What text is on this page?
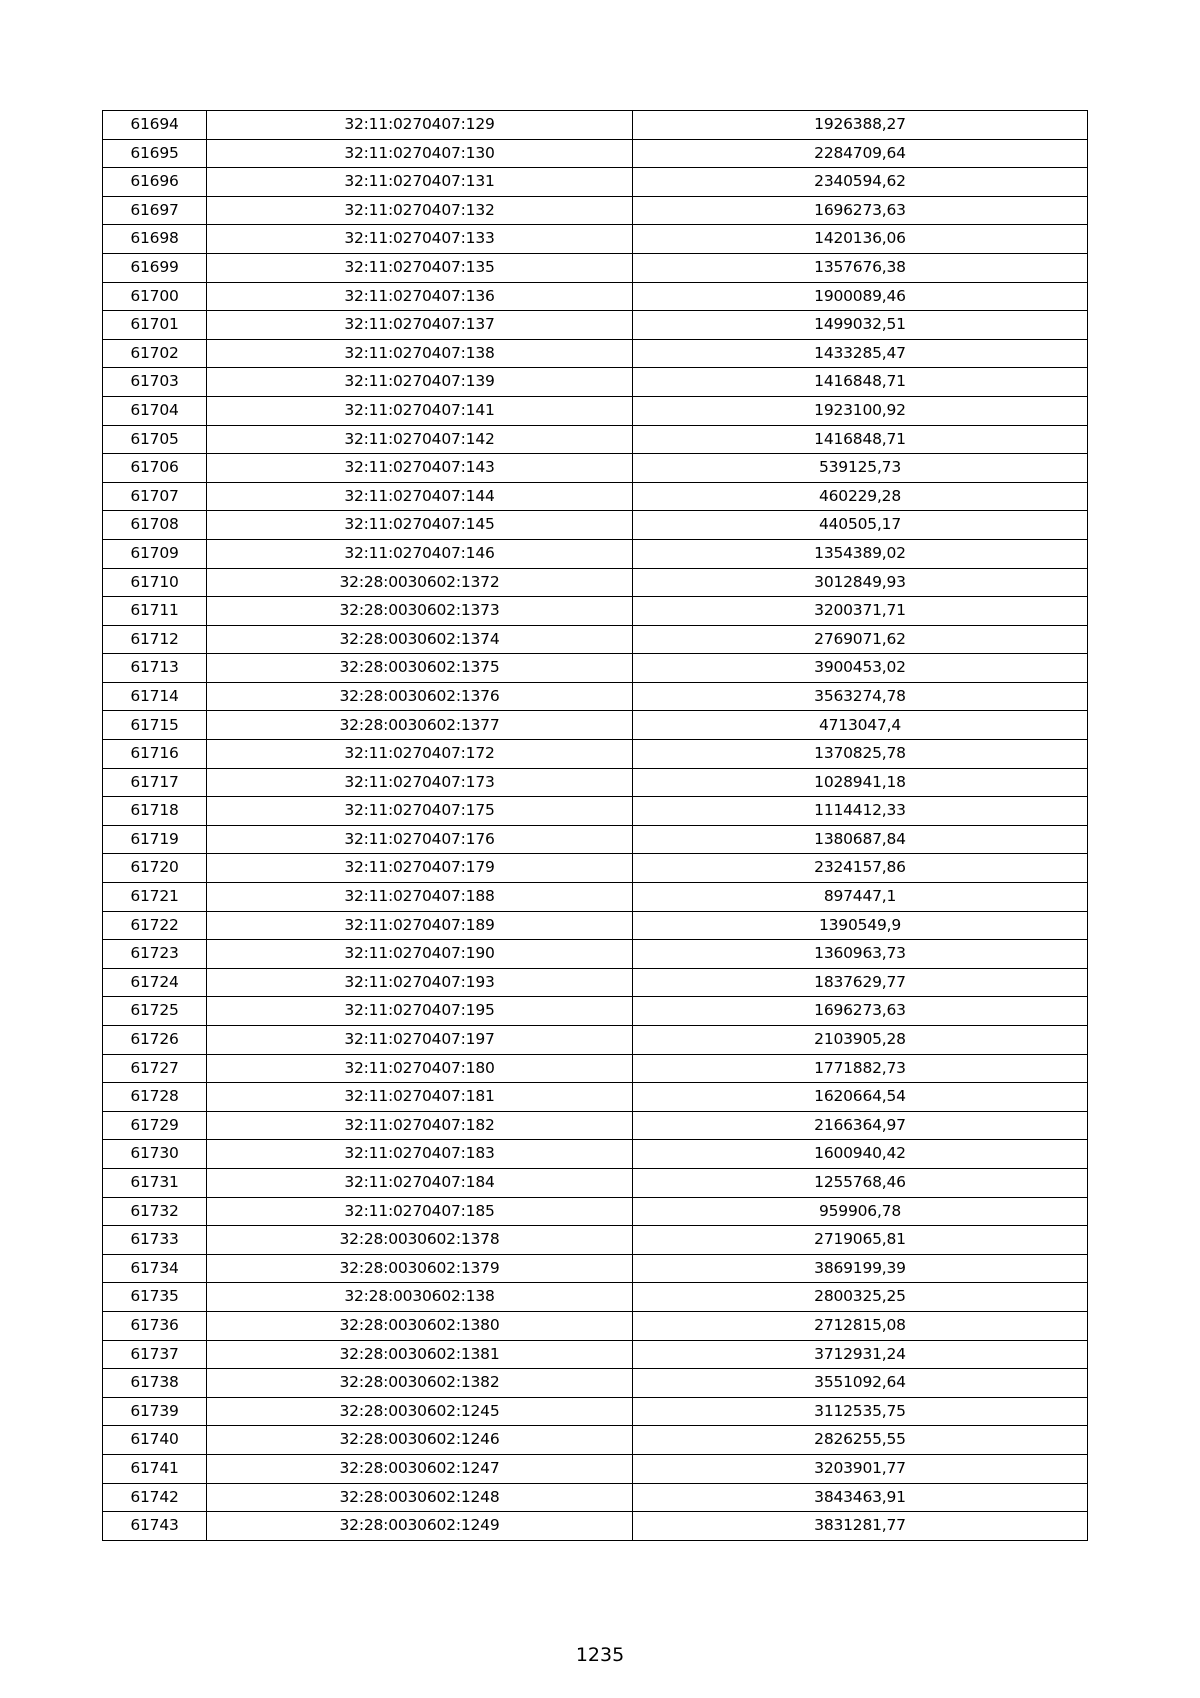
61694	32:11:0270407:129	1926388,27
61695	32:11:0270407:130	2284709,64
61696	32:11:0270407:131	2340594,62
61697	32:11:0270407:132	1696273,63
61698	32:11:0270407:133	1420136,06
61699	32:11:0270407:135	1357676,38
61700	32:11:0270407:136	1900089,46
61701	32:11:0270407:137	1499032,51
61702	32:11:0270407:138	1433285,47
61703	32:11:0270407:139	1416848,71
61704	32:11:0270407:141	1923100,92
61705	32:11:0270407:142	1416848,71
61706	32:11:0270407:143	539125,73
61707	32:11:0270407:144	460229,28
61708	32:11:0270407:145	440505,17
61709	32:11:0270407:146	1354389,02
61710	32:28:0030602:1372	3012849,93
61711	32:28:0030602:1373	3200371,71
61712	32:28:0030602:1374	2769071,62
61713	32:28:0030602:1375	3900453,02
61714	32:28:0030602:1376	3563274,78
61715	32:28:0030602:1377	4713047,4
61716	32:11:0270407:172	1370825,78
61717	32:11:0270407:173	1028941,18
61718	32:11:0270407:175	1114412,33
61719	32:11:0270407:176	1380687,84
61720	32:11:0270407:179	2324157,86
61721	32:11:0270407:188	897447,1
61722	32:11:0270407:189	1390549,9
61723	32:11:0270407:190	1360963,73
61724	32:11:0270407:193	1837629,77
61725	32:11:0270407:195	1696273,63
61726	32:11:0270407:197	2103905,28
61727	32:11:0270407:180	1771882,73
61728	32:11:0270407:181	1620664,54
61729	32:11:0270407:182	2166364,97
61730	32:11:0270407:183	1600940,42
61731	32:11:0270407:184	1255768,46
61732	32:11:0270407:185	959906,78
61733	32:28:0030602:1378	2719065,81
61734	32:28:0030602:1379	3869199,39
61735	32:28:0030602:138	2800325,25
61736	32:28:0030602:1380	2712815,08
61737	32:28:0030602:1381	3712931,24
61738	32:28:0030602:1382	3551092,64
61739	32:28:0030602:1245	3112535,75
61740	32:28:0030602:1246	2826255,55
61741	32:28:0030602:1247	3203901,77
61742	32:28:0030602:1248	3843463,91
61743	32:28:0030602:1249	3831281,77
1235
